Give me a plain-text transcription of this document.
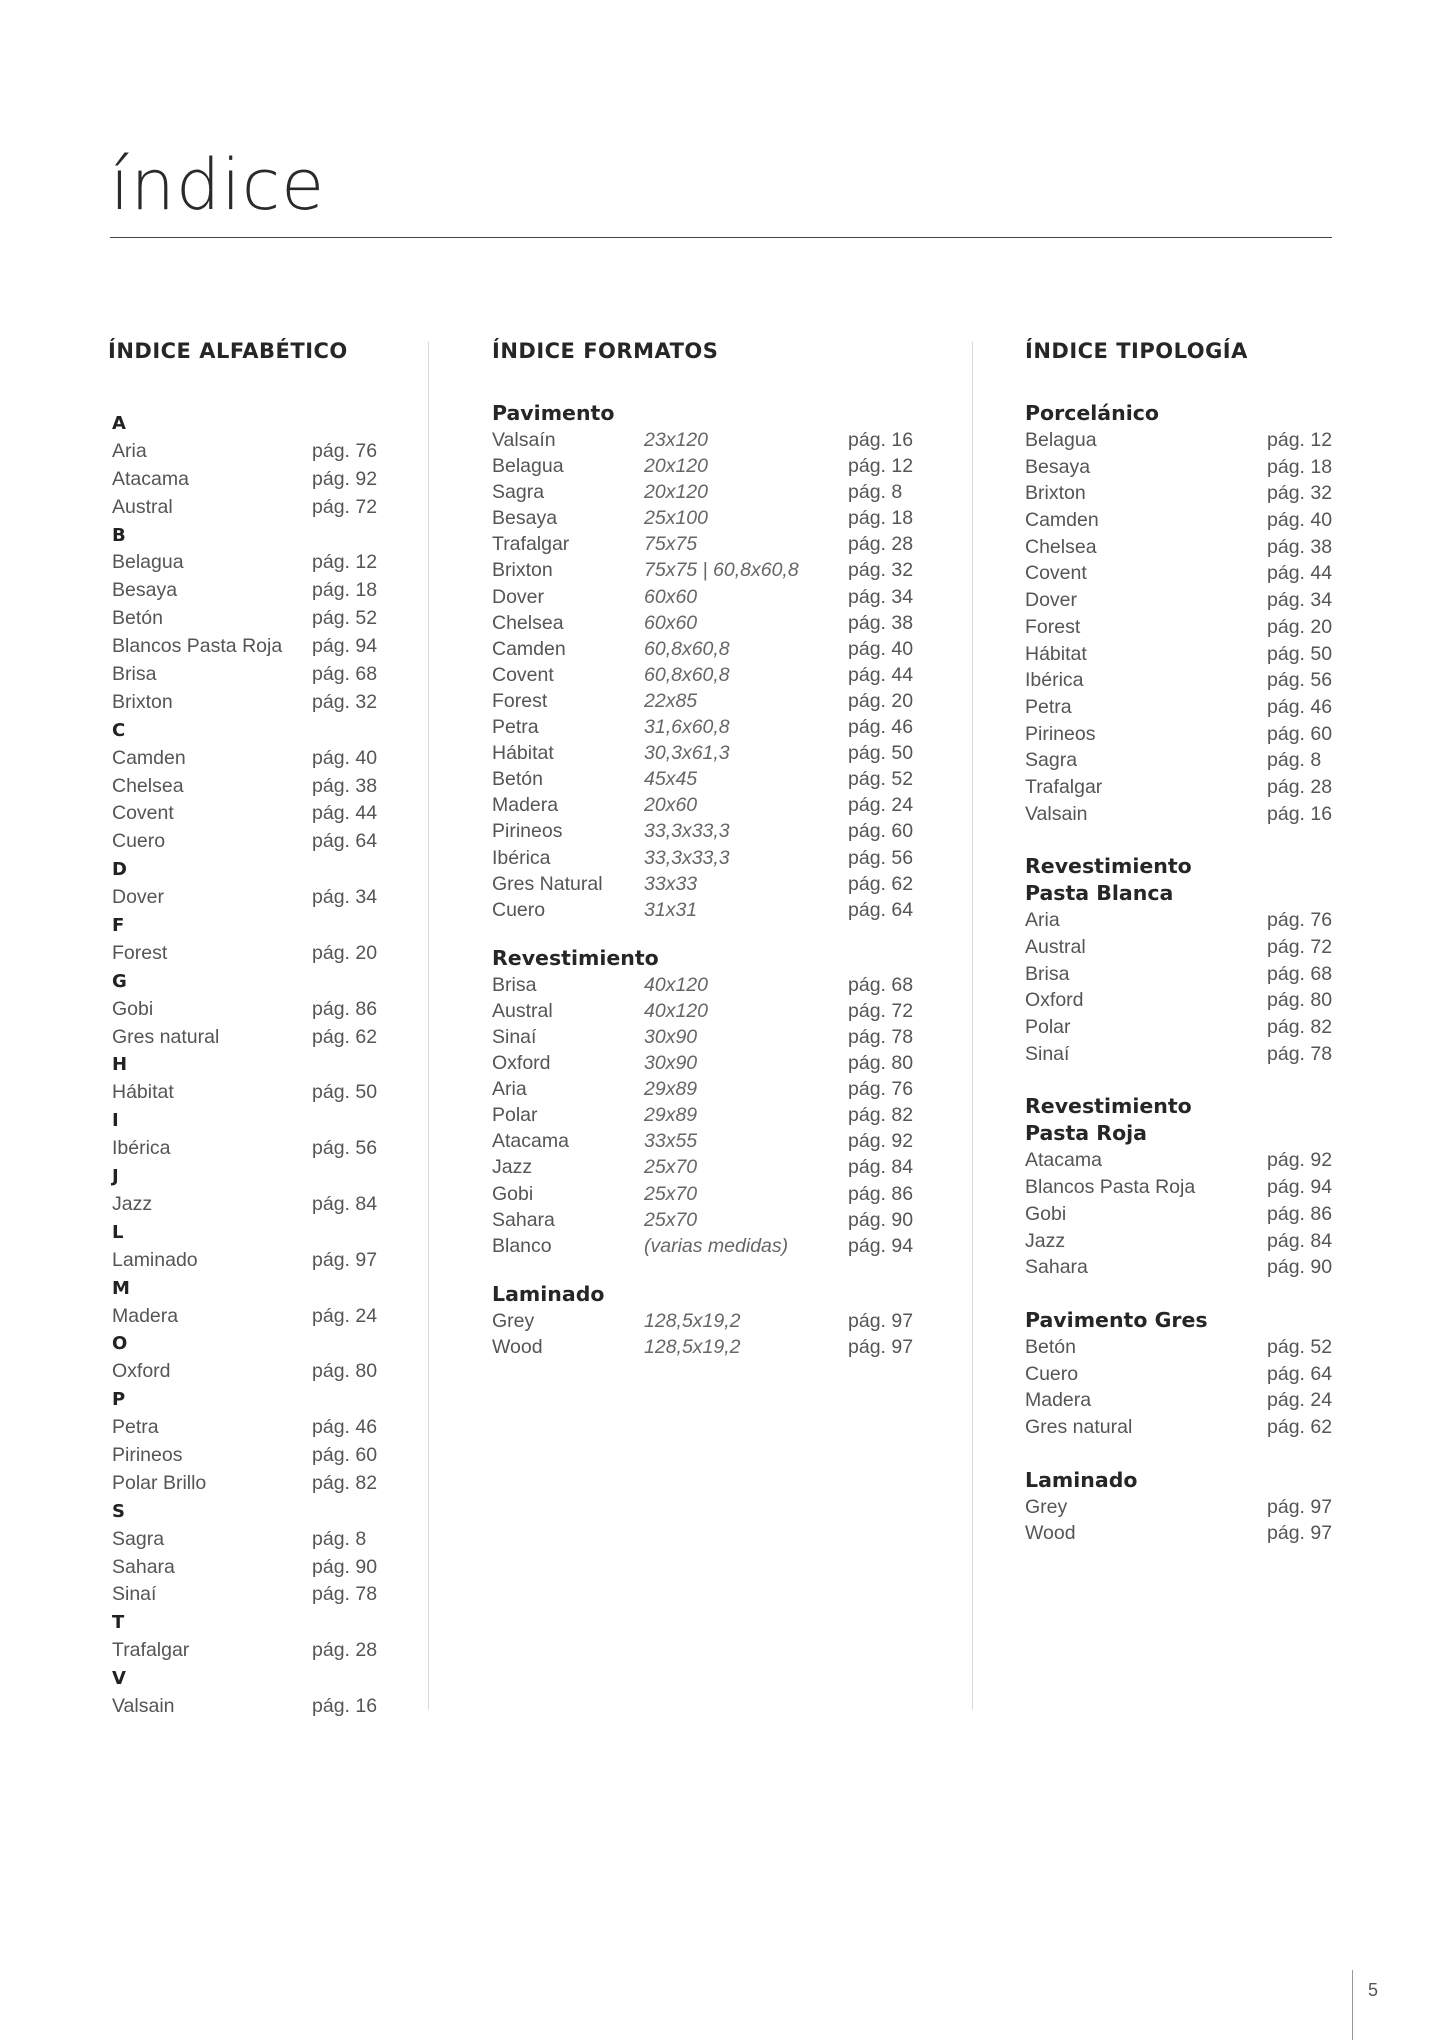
índice
ÍNDICE ALFABÉTICO
A
Aria	pág. 76
Atacama	pág. 92
Austral	pág. 72
B
Belagua	pág. 12
Besaya	pág. 18
Betón	pág. 52
Blancos Pasta Roja pág. 94
Brisa	pág. 68
Brixton	pág. 32
C
Camden	pág. 40
Chelsea	pág. 38
Covent	pág. 44
Cuero	pág. 64
D
Dover	pág. 34
F
Forest	pág. 20
G
Gobi	pág. 86
Gres natural	pág. 62
H
Hábitat	pág. 50
I
Ibérica	pág. 56
J
Jazz	pág. 84
L
Laminado	pág. 97
M
Madera	pág. 24
O
Oxford	pág. 80
P
Petra	pág. 46
Pirineos	pág. 60
Polar Brillo	pág. 82
S
Sagra	pág. 8
Sahara	pág. 90
Sinaí	pág. 78
T
Trafalgar	pág. 28
V
Valsain	pág. 16
ÍNDICE FORMATOS
Pavimento
Valsaín	23x120	pág. 16
Belagua	20x120	pág. 12
Sagra	20x120	pág. 8
Besaya	25x100	pág. 18
Trafalgar	75x75	pág. 28
Brixton	75x75 | 60,8x60,8	pág. 32
Dover	60x60	pág. 34
Chelsea	60x60	pág. 38
Camden	60,8x60,8	pág. 40
Covent	60,8x60,8	pág. 44
Forest	22x85	pág. 20
Petra	31,6x60,8	pág. 46
Hábitat	30,3x61,3	pág. 50
Betón	45x45	pág. 52
Madera	20x60	pág. 24
Pirineos	33,3x33,3	pág. 60
Ibérica	33,3x33,3	pág. 56
Gres Natural 33x33	pág. 62
Cuero	31x31	pág. 64
Revestimiento
Brisa	40x120	pág. 68
Austral	40x120	pág. 72
Sinaí	30x90	pág. 78
Oxford	30x90	pág. 80
Aria	29x89	pág. 76
Polar	29x89	pág. 82
Atacama	33x55	pág. 92
Jazz	25x70	pág. 84
Gobi	25x70	pág. 86
Sahara	25x70	pág. 90
Blanco	(varias medidas)	pág. 94
Laminado
Grey	128,5x19,2	pág. 97
Wood	128,5x19,2	pág. 97
ÍNDICE TIPOLOGÍA
Porcelánico
Belagua	pág. 12
Besaya	pág. 18
Brixton	pág. 32
Camden	pág. 40
Chelsea	pág. 38
Covent	pág. 44
Dover	pág. 34
Forest	pág. 20
Hábitat	pág. 50
Ibérica	pág. 56
Petra	pág. 46
Pirineos	pág. 60
Sagra	pág. 8
Trafalgar	pág. 28
Valsain	pág. 16
Revestimiento Pasta Blanca
Aria	pág. 76
Austral	pág. 72
Brisa	pág. 68
Oxford	pág. 80
Polar	pág. 82
Sinaí	pág. 78
Revestimiento Pasta Roja
Atacama	pág. 92
Blancos Pasta Roja	pág. 94
Gobi	pág. 86
Jazz	pág. 84
Sahara	pág. 90
Pavimento Gres
Betón	pág. 52
Cuero	pág. 64
Madera	pág. 24
Gres natural	pág. 62
Laminado
Grey	pág. 97
Wood	pág. 97
5
